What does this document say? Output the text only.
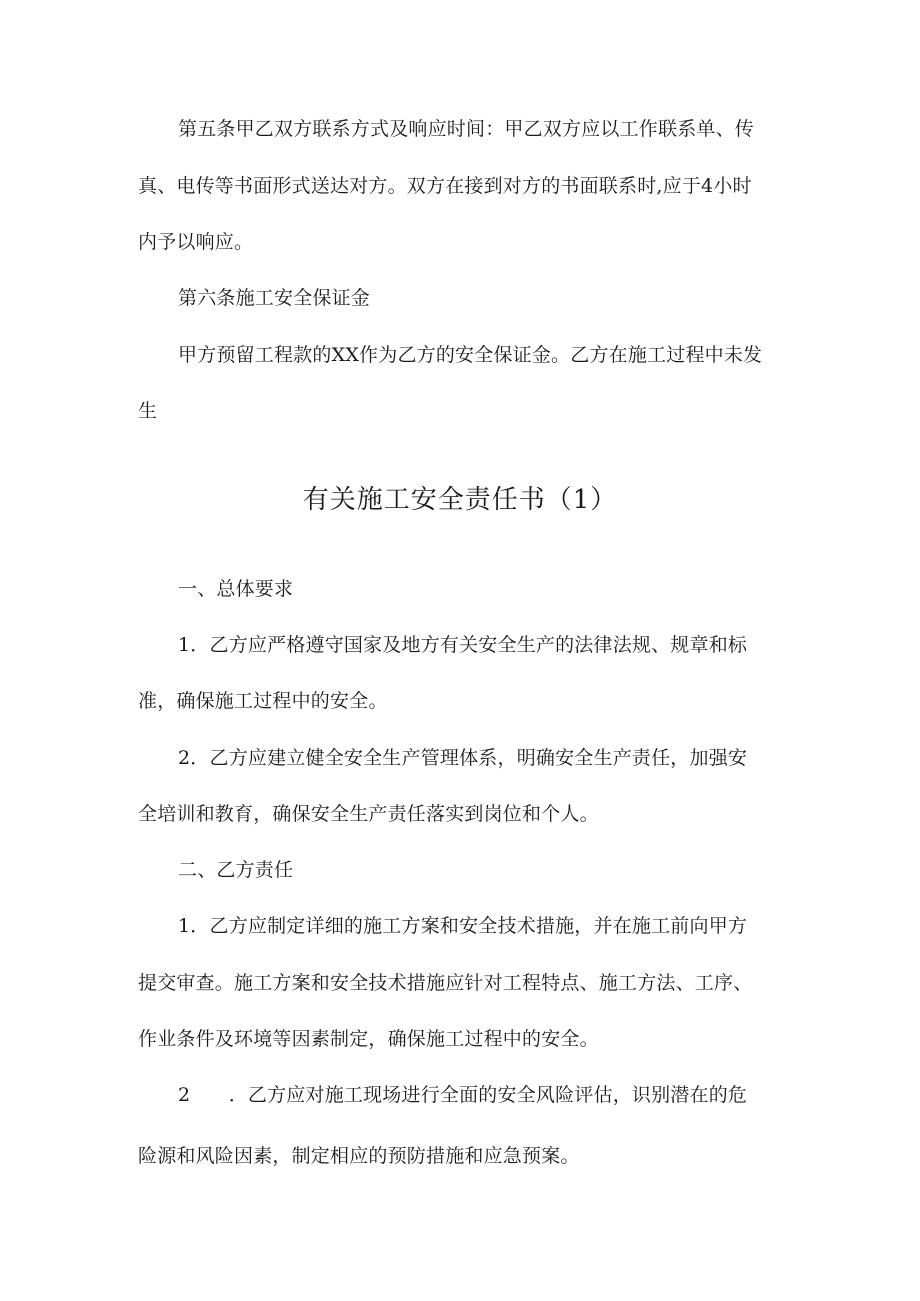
第五条甲乙双方联系方式及响应时间：甲乙双方应以工作联系单、传
真、电传等书面形式送达对方。双方在接到对方的书面联系时,应于4小时
内予以响应。
第六条施工安全保证金
甲方预留工程款的XX作为乙方的安全保证金。乙方在施工过程中未发
生
有关施工安全责任书（1）
一、总体要求
1．乙方应严格遵守国家及地方有关安全生产的法律法规、规章和标
准，确保施工过程中的安全。
2．乙方应建立健全安全生产管理体系，明确安全生产责任，加强安
全培训和教育，确保安全生产责任落实到岗位和个人。
二、乙方责任
1．乙方应制定详细的施工方案和安全技术措施，并在施工前向甲方
提交审查。施工方案和安全技术措施应针对工程特点、施工方法、工序、
作业条件及环境等因素制定，确保施工过程中的安全。
2　　．乙方应对施工现场进行全面的安全风险评估，识别潜在的危
险源和风险因素，制定相应的预防措施和应急预案。
